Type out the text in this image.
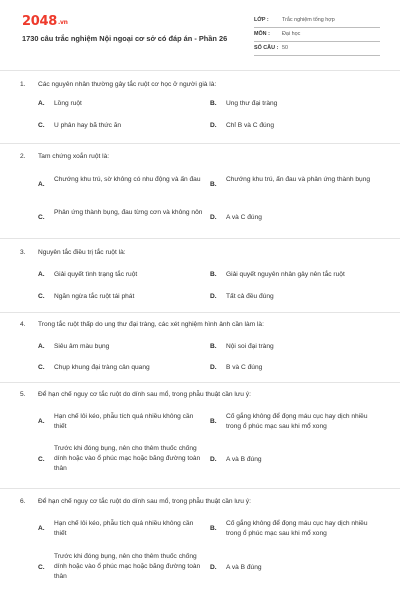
2048.vn
1730 câu trắc nghiệm Nội ngoại cơ sở có đáp án - Phần 26
LỚP : Trắc nghiệm tổng hợp
MÔN : Đại học
SỐ CÂU : 50
1. Các nguyên nhân thường gây tắc ruột cơ học ở người già là:
A. Lồng ruột	B. Ung thư đại tràng
C. U phân hay bã thức ăn	D. Chỉ B và C đúng
2. Tam chứng xoắn ruột là:
A.
Chướng khu trú, sờ không có nhu động và ấn đau
B.
Chướng khu trú, ấn đau và phản ứng thành bụng
C.
Phản ứng thành bụng, đau từng cơn và không nôn
D. A và C đúng
3. Nguyên tắc điều trị tắc ruột là:
A. Giải quyết tình trạng tắc ruột	B. Giải quyết nguyên nhân gây nên tắc ruột
C. Ngăn ngừa tắc ruột tái phát	D. Tất cả đều đúng
4. Trong tắc ruột thấp do ung thư đại tràng, các xét nghiệm hình ảnh cần làm là:
A. Siêu âm màu bụng	B. Nội soi đại tràng
C. Chụp khung đại tràng cản quang	D. B và C đúng
5. Để hạn chế nguy cơ tắc ruột do dính sau mổ, trong phẫu thuật cần lưu ý:
A.
Hạn chế lôi kéo, phẫu tích quá nhiều không cần thiết
B.
Cố gắng không để đọng máu cục hay dịch nhiều trong ổ phúc mạc sau khi mổ xong
C.
Trước khi đóng bụng, nên cho thêm thuốc chống dính hoặc vào ổ phúc mạc hoặc băng đường toàn thân
D. A và B đúng
6. Để hạn chế nguy cơ tắc ruột do dính sau mổ, trong phẫu thuật cần lưu ý:
A.
Hạn chế lôi kéo, phẫu tích quá nhiều không cần thiết
B.
Cố gắng không để đọng máu cục hay dịch nhiều trong ổ phúc mạc sau khi mổ xong
C.
Trước khi đóng bụng, nên cho thêm thuốc chống dính hoặc vào ổ phúc mạc hoặc băng đường toàn thân
D. A và B đúng
